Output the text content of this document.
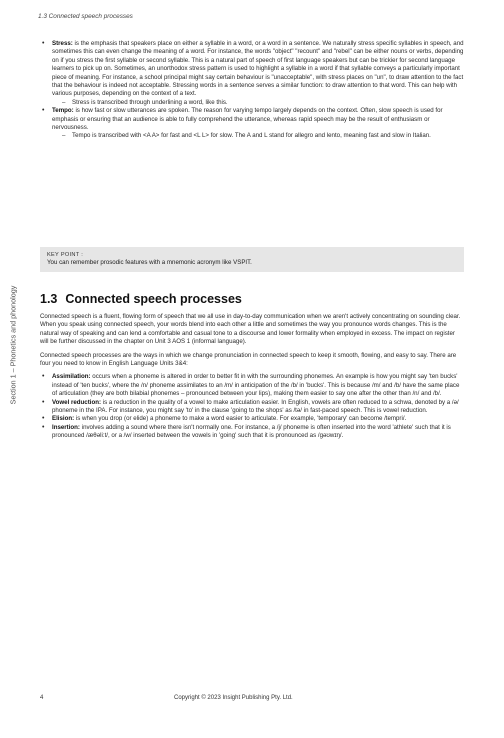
1.3 Connected speech processes
Section 1 – Phonetics and phonology
• Stress: is the emphasis that speakers place on either a syllable in a word, or a word in a sentence. We naturally stress specific syllables in speech, and sometimes this can even change the meaning of a word. For instance, the words "object" "recount" and "rebel" can be either nouns or verbs, depending on if you stress the first syllable or second syllable. This is a natural part of speech of first language speakers but can be trickier for second language learners to pick up on. Sometimes, an unorthodox stress pattern is used to highlight a syllable in a word if that syllable conveys a particularly important piece of meaning. For instance, a school principal might say certain behaviour is "unacceptable", with stress places on "un", to draw attention to the fact that the behaviour is indeed not acceptable. Stressing words in a sentence serves a similar function: to draw attention to that word. This can help with various purposes, depending on the context of a text.
– Stress is transcribed through underlining a word, like this.
• Tempo: is how fast or slow utterances are spoken. The reason for varying tempo largely depends on the context. Often, slow speech is used for emphasis or ensuring that an audience is able to fully comprehend the utterance, whereas rapid speech may be the result of enthusiasm or nervousness.
– Tempo is transcribed with <A A> for fast and <L L> for slow. The A and L stand for allegro and lento, meaning fast and slow in Italian.
KEY POINT :
You can remember prosodic features with a mnemonic acronym like VSPIT.
1.3 Connected speech processes

Connected speech is a fluent, flowing form of speech that we all use in day-to-day communication when we aren't actively concentrating on sounding clear. When you speak using connected speech, your words blend into each other a little and sometimes the way you pronounce words changes. This is the natural way of speaking and can lend a comfortable and casual tone to a discourse and lower formality when employed in excess. The impact on register will be further discussed in the chapter on Unit 3 AOS 1 (informal language).

Connected speech processes are the ways in which we change pronunciation in connected speech to keep it smooth, flowing, and easy to say. There are four you need to know in English Language Units 3&4:

• Assimilation: occurs when a phoneme is altered in order to better fit in with the surrounding phonemes. An example is how you might say 'ten bucks' instead of 'ten bucks', where the /n/ phoneme assimilates to an /m/ in anticipation of the /b/ in 'bucks'. This is because /m/ and /b/ have the same place of articulation (they are both bilabial phonemes – pronounced between your lips), making them easier to say one after the other than /n/ and /b/.
• Vowel reduction: is a reduction in the quality of a vowel to make articulation easier. In English, vowels are often reduced to a schwa, denoted by a /ə/ phoneme in the IPA. For instance, you might say 'to' in the clause 'going to the shops' as /tə/ in fast-paced speech. This is vowel reduction.
• Elision: is when you drop (or elide) a phoneme to make a word easier to articulate. For example, 'temporary' can become /tempri/.
• Insertion: involves adding a sound where there isn't normally one. For instance, a /j/ phoneme is often inserted into the word 'athlete' such that it is pronounced /æθəli:t/, or a /w/ inserted between the vowels in 'going' such that it is pronounced as /gəʊwɪŋ/.
4	Copyright © 2023 Insight Publishing Pty. Ltd.
